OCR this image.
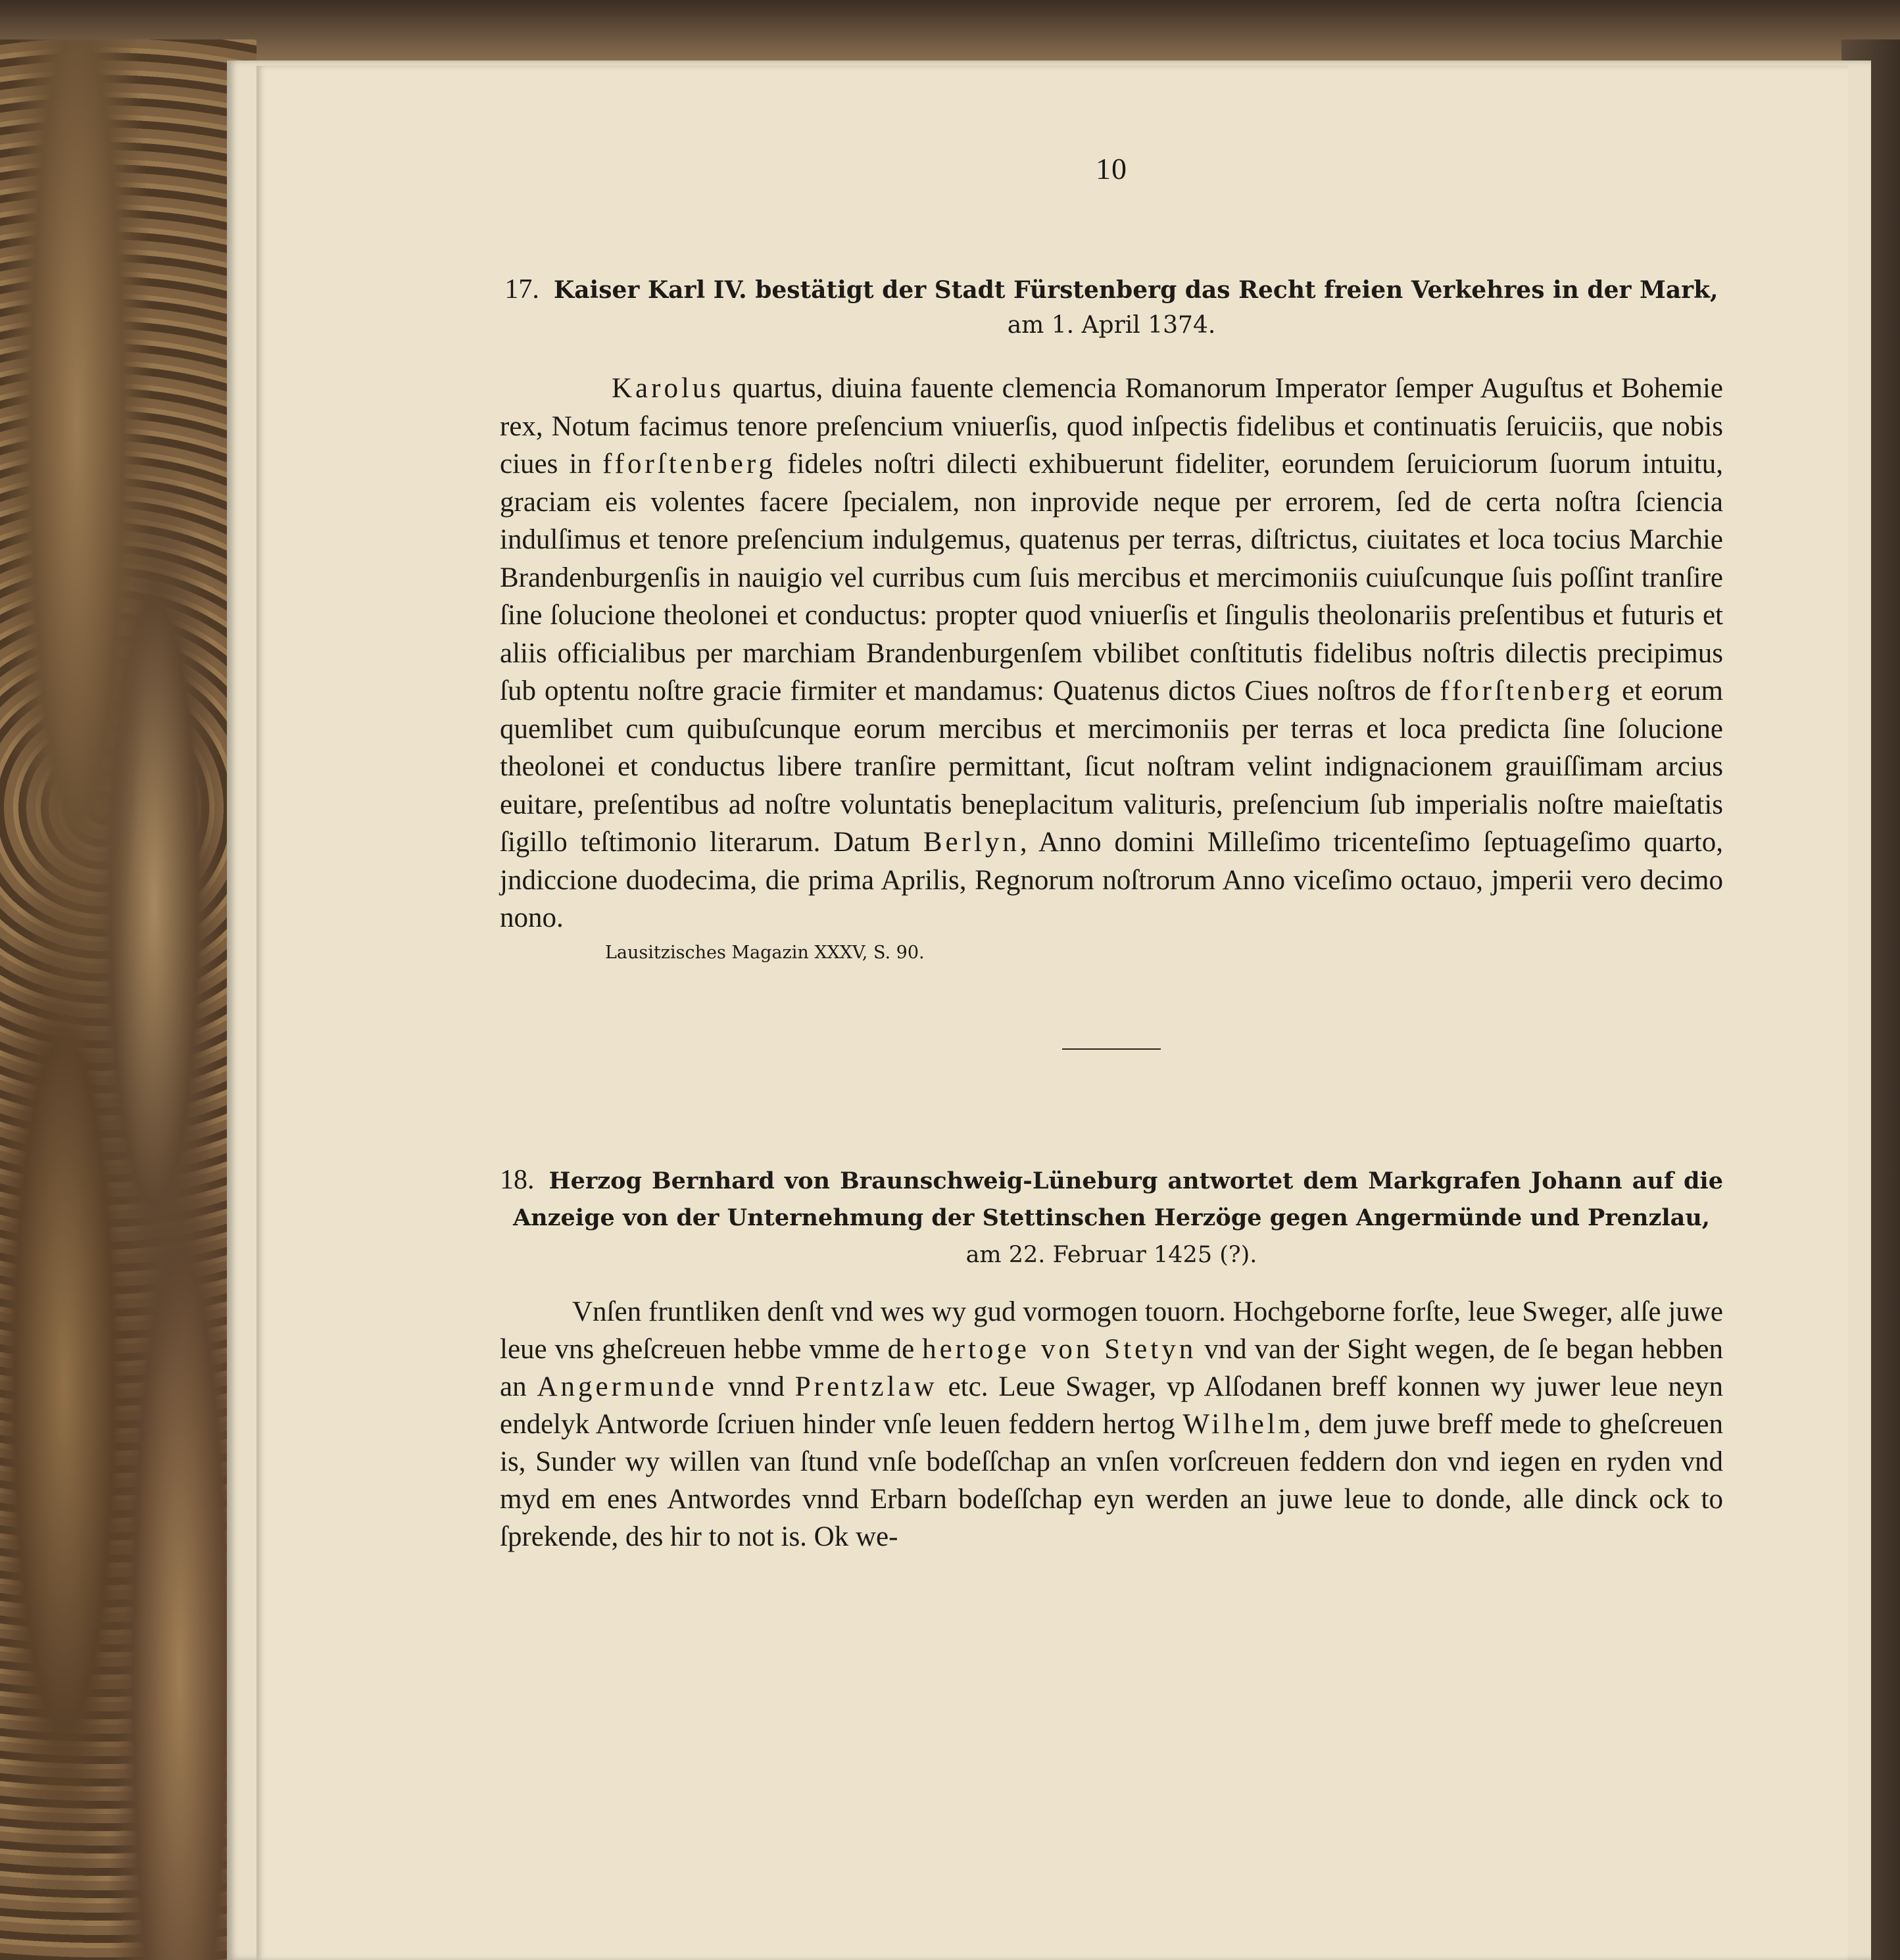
10

17. Kaiser Karl IV. bestätigt der Stadt Fürstenberg das Recht freien Verkehres in der Mark,
am 1. April 1374.

Karolus quartus, diuina fauente clemencia Romanorum Imperator ſemper Auguſtus et Bohemie rex, Notum facimus tenore preſencium vniuerſis, quod inſpectis fidelibus et continuatis ſeruiciis, que nobis ciues in fforſtenberg fideles noſtri dilecti exhibuerunt fideliter, eorundem ſeruiciorum ſuorum intuitu, graciam eis volentes facere ſpecialem, non inprovide neque per errorem, ſed de certa noſtra ſciencia indulſimus et tenore preſencium indulgemus, quatenus per terras, diſtrictus, ciuitates et loca tocius Marchie Brandenburgenſis in nauigio vel curribus cum ſuis mercibus et mercimoniis cuiuſcunque ſuis poſſint tranſire ſine ſolucione theolonei et conductus: propter quod vniuerſis et ſingulis theolonariis preſentibus et futuris et aliis officialibus per marchiam Brandenburgenſem vbilibet conſtitutis fidelibus noſtris dilectis precipimus ſub optentu noſtre gracie firmiter et mandamus: Quatenus dictos Ciues noſtros de fforſtenberg et eorum quemlibet cum quibuſcunque eorum mercibus et mercimoniis per terras et loca predicta ſine ſolucione theolonei et conductus libere tranſire permittant, ſicut noſtram velint indignacionem grauiſſimam arcius euitare, preſentibus ad noſtre voluntatis beneplacitum valituris, preſencium ſub imperialis noſtre maieſtatis ſigillo teſtimonio literarum. Datum Berlyn, Anno domini Milleſimo tricenteſimo ſeptuageſimo quarto, jndiccione duodecima, die prima Aprilis, Regnorum noſtrorum Anno viceſimo octauo, jmperii vero decimo nono.

Lausitzisches Magazin XXXV, S. 90.

18. Herzog Bernhard von Braunschweig-Lüneburg antwortet dem Markgrafen Johann auf die Anzeige von der Unternehmung der Stettinschen Herzöge gegen Angermünde und Prenzlau,
am 22. Februar 1425 (?).

Vnſen fruntliken denſt vnd wes wy gud vormogen touorn. Hochgeborne forſte, leue Sweger, alſe juwe leue vns gheſcreuen hebbe vmme de hertoge von Stetyn vnd van der Sight wegen, de ſe began hebben an Angermunde vnnd Prentzlaw etc. Leue Swager, vp Alſodanen breff konnen wy juwer leue neyn endelyk Antworde ſcriuen hinder vnſe leuen feddern hertog Wilhelm, dem juwe breff mede to gheſcreuen is, Sunder wy willen van ſtund vnſe bodeſſchap an vnſen vorſcreuen feddern don vnd iegen en ryden vnd myd em enes Antwordes vnnd Erbarn bodeſſchap eyn werden an juwe leue to donde, alle dinck ock to ſprekende, des hir to not is. Ok we-
